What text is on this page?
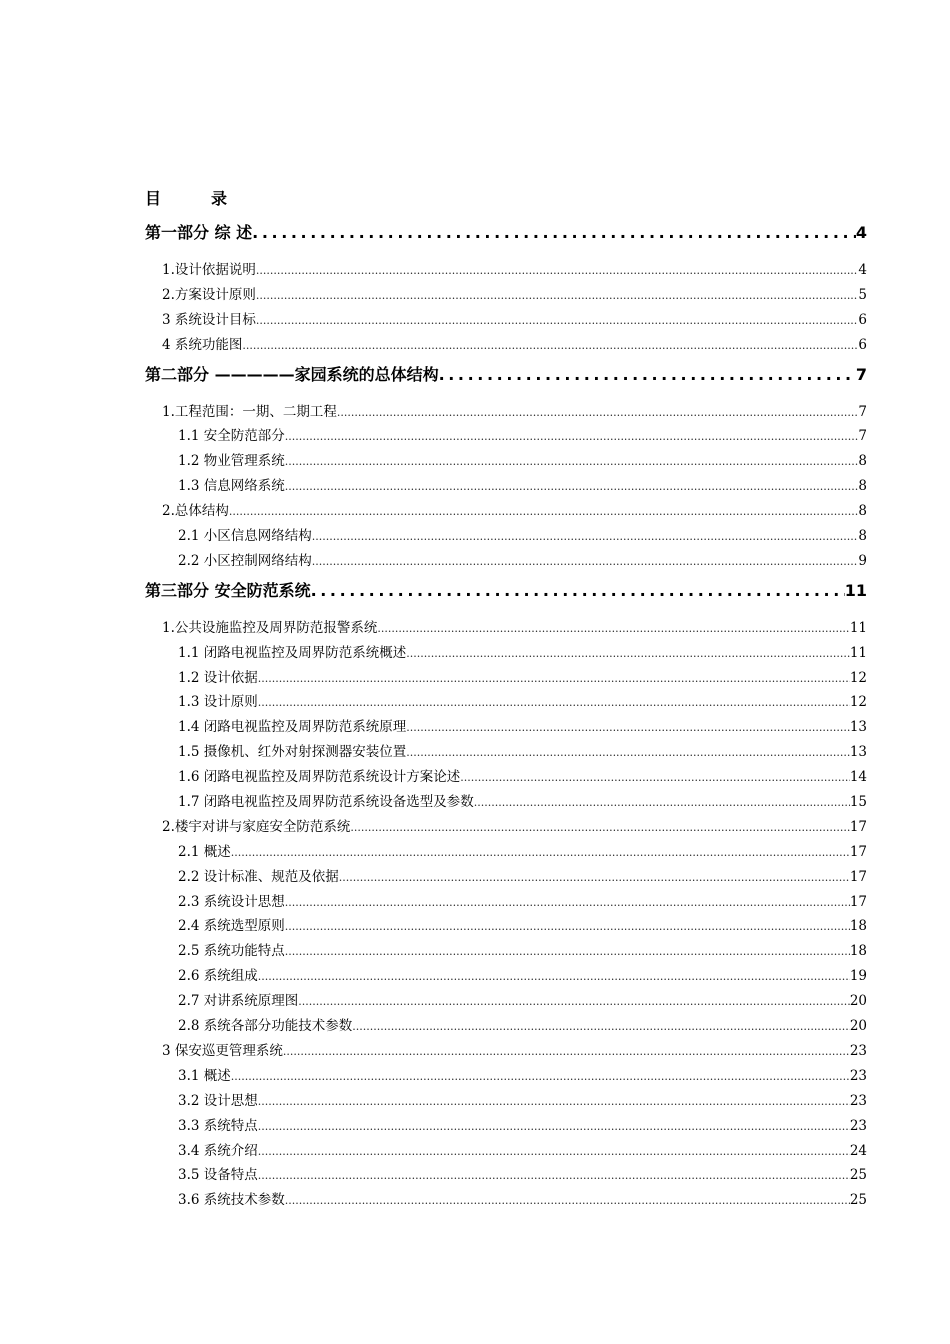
目	录
第一部分 综 述 .....	4
1.设计依据说明 .....	4
2.方案设计原则 .....	5
3 系统设计目标 .....	6
4 系统功能图 .....	6
第二部分 —————家园系统的总体结构 .....	7
1.工程范围：一期、二期工程 .....	7
1.1 安全防范部分 .....	7
1.2 物业管理系统 .....	8
1.3 信息网络系统 .....	8
2.总体结构 .....	8
2.1 小区信息网络结构 .....	8
2.2 小区控制网络结构 .....	9
第三部分 安全防范系统 .....	11
1.公共设施监控及周界防范报警系统 .....	11
1.1 闭路电视监控及周界防范系统概述 .....	11
1.2 设计依据 .....	12
1.3 设计原则 .....	12
1.4 闭路电视监控及周界防范系统原理 .....	13
1.5 摄像机、红外对射探测器安装位置 .....	13
1.6 闭路电视监控及周界防范系统设计方案论述 .....	14
1.7 闭路电视监控及周界防范系统设备选型及参数 .....	15
2.楼宇对讲与家庭安全防范系统 .....	17
2.1 概述 .....	17
2.2 设计标准、规范及依据 .....	17
2.3 系统设计思想 .....	17
2.4 系统选型原则 .....	18
2.5 系统功能特点 .....	18
2.6 系统组成 .....	19
2.7 对讲系统原理图 .....	20
2.8 系统各部分功能技术参数 .....	20
3 保安巡更管理系统 .....	23
3.1 概述 .....	23
3.2 设计思想 .....	23
3.3 系统特点 .....	23
3.4 系统介绍 .....	24
3.5 设备特点 .....	25
3.6 系统技术参数 .....	25
